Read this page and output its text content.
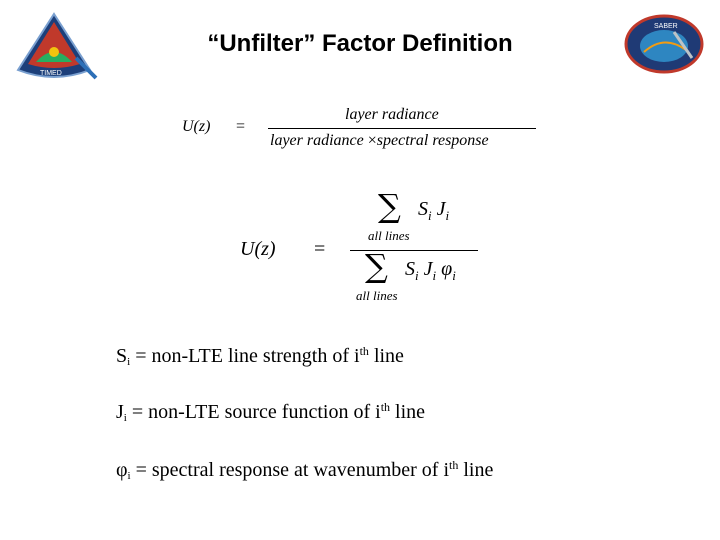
TIMED
SABER
“Unfilter” Factor Definition
U(z) =
layer radiance
layer radiance ×spectral response
U(z) =
∑
all lines
$S_i$ $J_i$
∑
all lines
$S_i$ $J_i$ $\varphi_i$
$S_i = non-LTE$ line strength of $i^{th}$ line
$J_i = non-LTE$ source function of $i^{th}$ line
$\varphi_i$ = spectral response at wavenumber of $i^{th}$ line
